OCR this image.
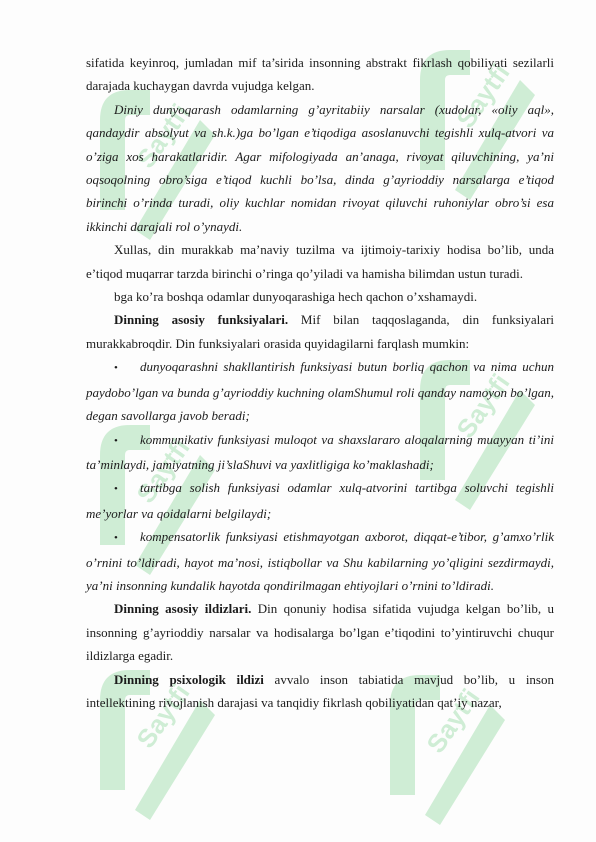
Saytfi
Saytfi
Saytfi
Saytfi
Saytfi	Saytfi

sifatida keyinroq, jumladan mif ta’sirida insonning abstrakt fikrlash qobiliyati sezilarli darajada kuchaygan davrda vujudga kelgan.

Diniy dunyoqarash odamlarning g’ayritabiiy narsalar (xudolar, «oliy aql», qandaydir absolyut va sh.k.)ga bo’lgan e’tiqodiga asoslanuvchi tegishli xulq-atvori va o’ziga xos harakatlaridir. Agar mifologiyada an’anaga, rivoyat qiluvchining, ya’ni oqsoqolning obro’siga e’tiqod kuchli bo’lsa, dinda g’ayrioddiy narsalarga e’tiqod birinchi o’rinda turadi, oliy kuchlar nomidan rivoyat qiluvchi ruhoniylar obro’si esa ikkinchi darajali rol o’ynaydi.

Xullas, din murakkab ma’naviy tuzilma va ijtimoiy-tarixiy hodisa bo’lib, unda e’tiqod muqarrar tarzda birinchi o’ringa qo’yiladi va hamisha bilimdan ustun turadi.

bga ko’ra boshqa odamlar dunyoqarashiga hech qachon o’xshamaydi.

Dinning asosiy funksiyalari. Mif bilan taqqoslaganda, din funksiyalari murakkabroqdir. Din funksiyalari orasida quyidagilarni farqlash mumkin:

• dunyoqarashni shakllantirish funksiyasi butun borliq qachon va nima uchun paydobo’lgan va bunda g’ayrioddiy kuchning olamShumul roli qanday namoyon bo’lgan, degan savollarga javob beradi;

• kommunikativ funksiyasi muloqot va shaxslararo aloqalarning muayyan ti’ini ta’minlaydi, jamiyatning ji’slaShuvi va yaxlitligiga ko’maklashadi;

• tartibga solish funksiyasi odamlar xulq-atvorini tartibga soluvchi tegishli me’yorlar va qoidalarni belgilaydi;

• kompensatorlik funksiyasi etishmayotgan axborot, diqqat-e’tibor, g’amxo’rlik o’rnini to’ldiradi, hayot ma’nosi, istiqbollar va Shu kabilarning yo’qligini sezdirmaydi, ya’ni insonning kundalik hayotda qondirilmagan ehtiyojlari o’rnini to’ldiradi.

Dinning asosiy ildizlari. Din qonuniy hodisa sifatida vujudga kelgan bo’lib, u insonning g’ayrioddiy narsalar va hodisalarga bo’lgan e’tiqodini to’yintiruvchi chuqur ildizlarga egadir.

Dinning psixologik ildizi avvalo inson tabiatida mavjud bo’lib, u inson intellektining rivojlanish darajasi va tanqidiy fikrlash qobiliyatidan qat’iy nazar,
